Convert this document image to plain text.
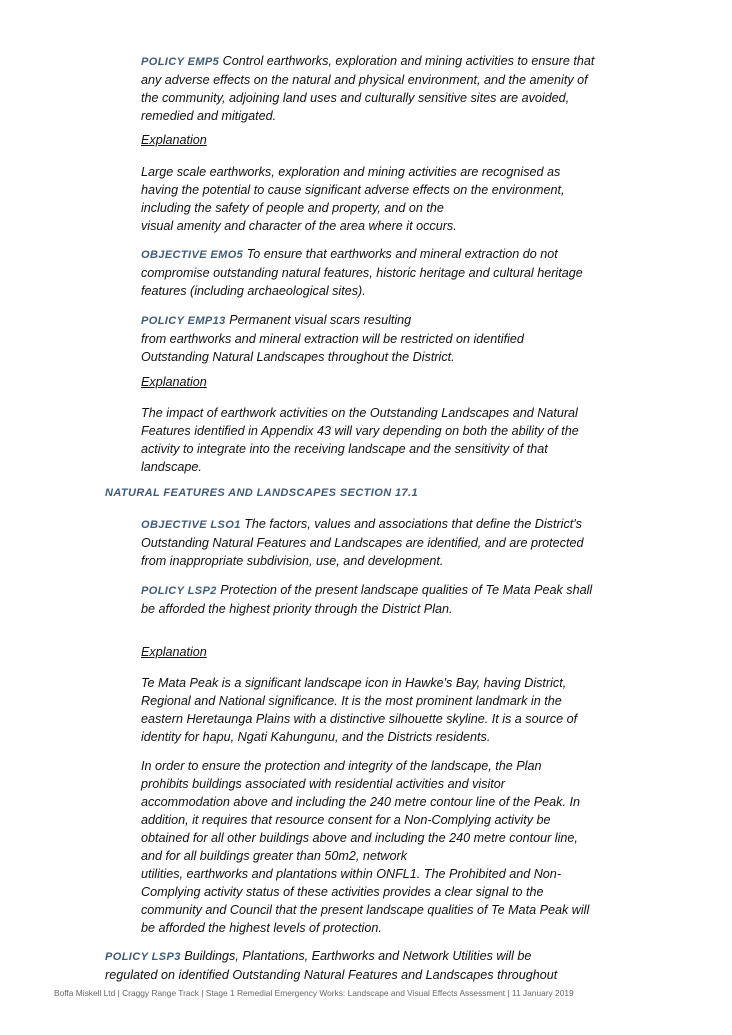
POLICY EMP5 Control earthworks, exploration and mining activities to ensure that
any adverse effects on the natural and physical environment, and the amenity of
the community, adjoining land uses and culturally sensitive sites are avoided,
remedied and mitigated.
Explanation
Large scale earthworks, exploration and mining activities are recognised as
having the potential to cause significant adverse effects on the environment,
including the safety of people and property, and on the
visual amenity and character of the area where it occurs.
OBJECTIVE EMO5 To ensure that earthworks and mineral extraction do not
compromise outstanding natural features, historic heritage and cultural heritage
features (including archaeological sites).
POLICY EMP13 Permanent visual scars resulting
from earthworks and mineral extraction will be restricted on identified
Outstanding Natural Landscapes throughout the District.
Explanation
The impact of earthwork activities on the Outstanding Landscapes and Natural
Features identified in Appendix 43 will vary depending on both the ability of the
activity to integrate into the receiving landscape and the sensitivity of that
landscape.
NATURAL FEATURES AND LANDSCAPES SECTION 17.1
OBJECTIVE LSO1 The factors, values and associations that define the District's
Outstanding Natural Features and Landscapes are identified, and are protected
from inappropriate subdivision, use, and development.
POLICY LSP2 Protection of the present landscape qualities of Te Mata Peak shall
be afforded the highest priority through the District Plan.
Explanation
Te Mata Peak is a significant landscape icon in Hawke's Bay, having District,
Regional and National significance. It is the most prominent landmark in the
eastern Heretaunga Plains with a distinctive silhouette skyline. It is a source of
identity for hapu, Ngati Kahungunu, and the Districts residents.
In order to ensure the protection and integrity of the landscape, the Plan
prohibits buildings associated with residential activities and visitor
accommodation above and including the 240 metre contour line of the Peak. In
addition, it requires that resource consent for a Non-Complying activity be
obtained for all other buildings above and including the 240 metre contour line,
and for all buildings greater than 50m2, network
utilities, earthworks and plantations within ONFL1. The Prohibited and Non-
Complying activity status of these activities provides a clear signal to the
community and Council that the present landscape qualities of Te Mata Peak will
be afforded the highest levels of protection.
POLICY LSP3 Buildings, Plantations, Earthworks and Network Utilities will be
regulated on identified Outstanding Natural Features and Landscapes throughout
Boffa Miskell Ltd | Craggy Range Track | Stage 1 Remedial Emergency Works: Landscape and Visual Effects Assessment | 11 January 2019
